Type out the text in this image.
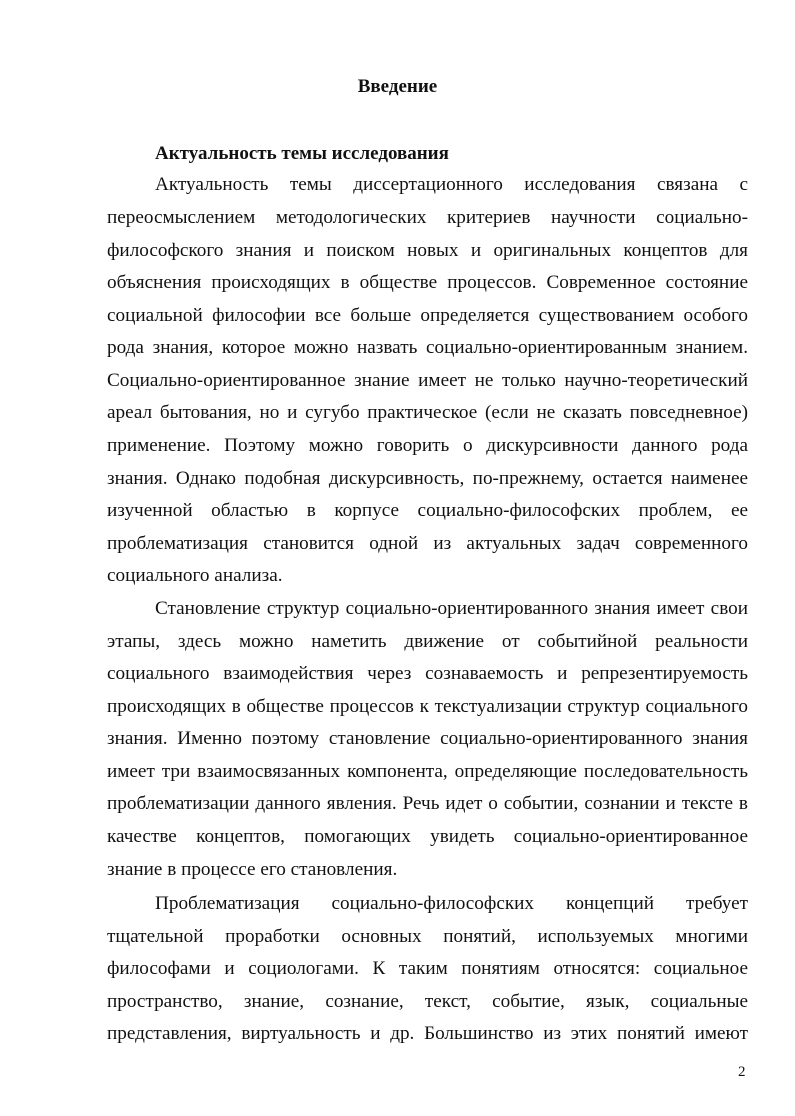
Введение
Актуальность темы исследования
Актуальность темы диссертационного исследования связана с
переосмыслением методологических критериев научности социально-
философского знания и поиском новых и оригинальных концептов для
объяснения происходящих в обществе процессов. Современное состояние
социальной философии все больше определяется существованием особого
рода знания, которое можно назвать социально-ориентированным знанием.
Социально-ориентированное знание имеет не только научно-теоретический
ареал бытования, но и сугубо практическое (если не сказать повседневное)
применение. Поэтому можно говорить о дискурсивности данного рода
знания. Однако подобная дискурсивность, по-прежнему, остается наименее
изученной областью в корпусе социально-философских проблем, ее
проблематизация становится одной из актуальных задач современного
социального анализа.
Становление структур социально-ориентированного знания имеет свои
этапы, здесь можно наметить движение от событийной реальности
социального взаимодействия через сознаваемость и репрезентируемость
происходящих в обществе процессов к текстуализации структур социального
знания. Именно поэтому становление социально-ориентированного знания
имеет три взаимосвязанных компонента, определяющие последовательность
проблематизации данного явления. Речь идет о событии, сознании и тексте в
качестве концептов, помогающих увидеть социально-ориентированное
знание в процессе его становления.
Проблематизация социально-философских концепций требует
тщательной проработки основных понятий, используемых многими
философами и социологами. К таким понятиям относятся: социальное
пространство, знание, сознание, текст, событие, язык, социальные
представления, виртуальность и др. Большинство из этих понятий имеют
2
